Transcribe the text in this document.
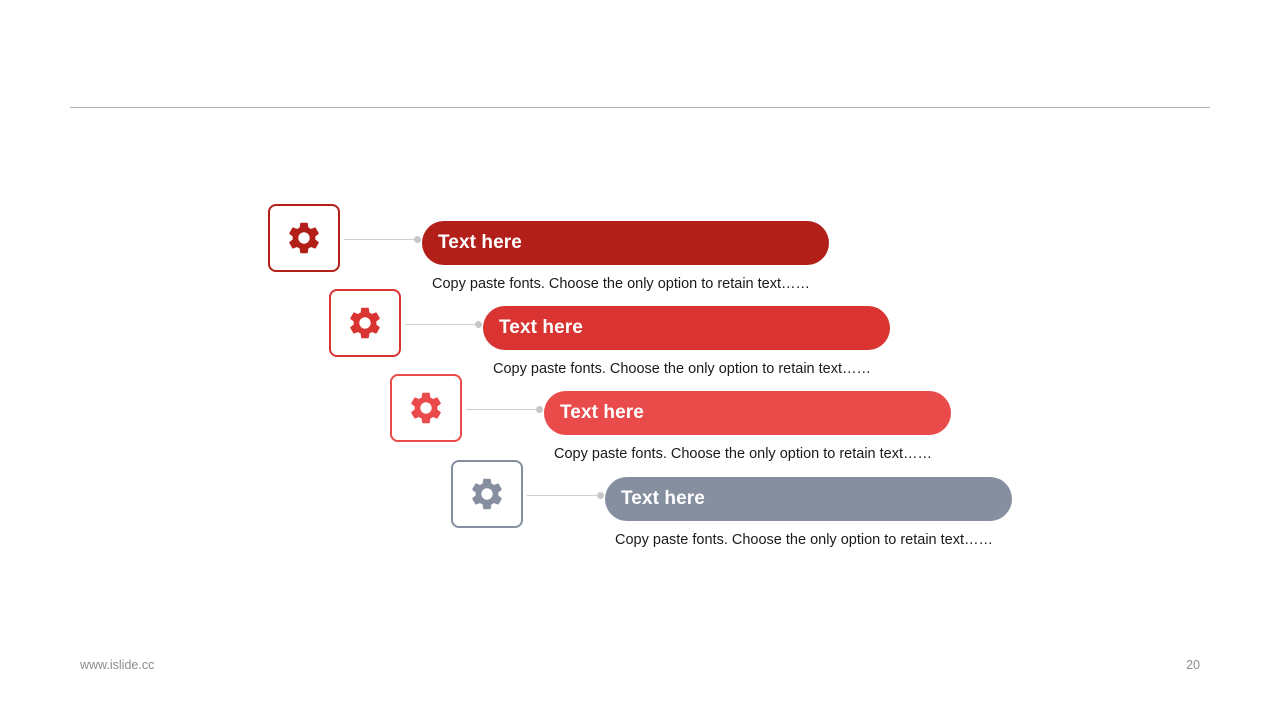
Text here
Copy paste fonts. Choose the only option to retain text……
Text here
Copy paste fonts. Choose the only option to retain text……
Text here
Copy paste fonts. Choose the only option to retain text……
Text here
Copy paste fonts. Choose the only option to retain text……
www.islide.cc	20
